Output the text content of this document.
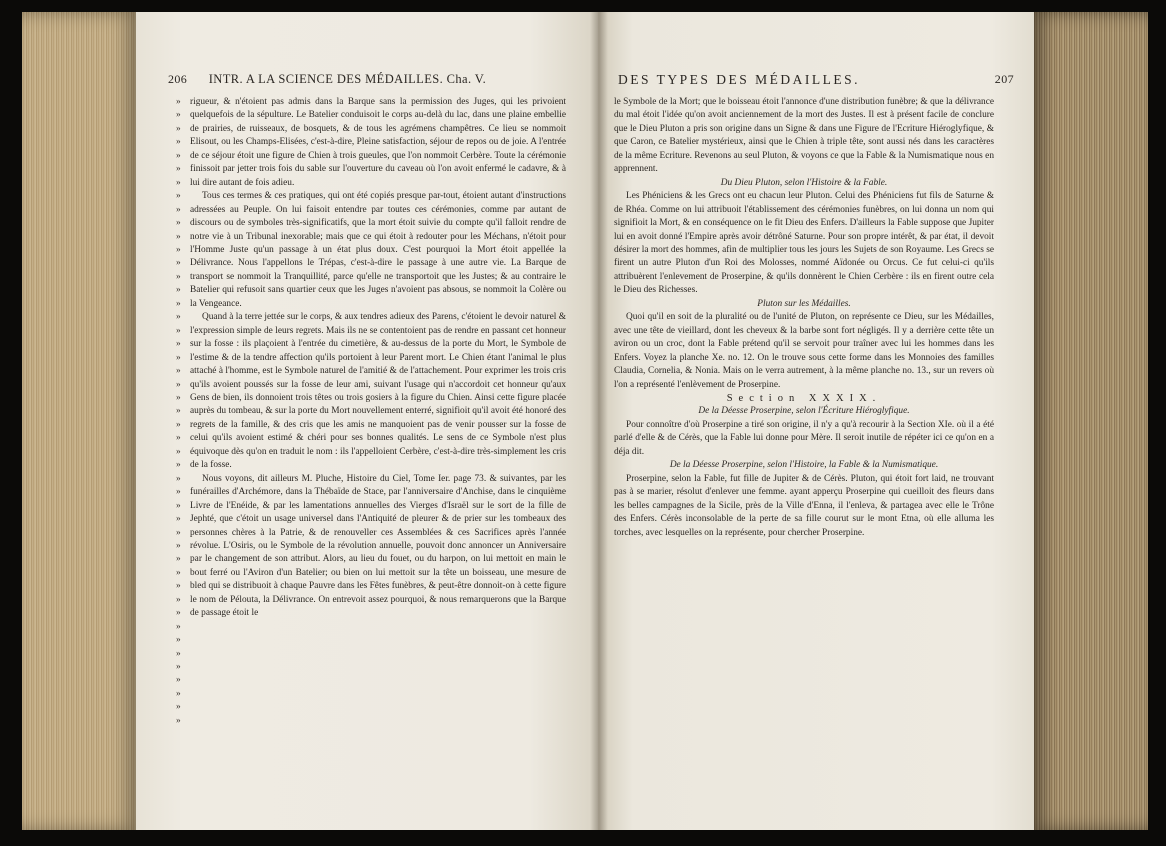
206 INTR. A LA SCIENCE DES MÉDAILLES. Cha. V.
»
»
»
»
»
»
»
»
»
»
»
»
»
»
»
»
»
»
»
»
»
»
»
»
»
»
»
»
»
»
»
»
»
»
»
»
»
»
»
»
»
»
»
»
»
»
»

rigueur, & n'étoient pas admis dans la Barque sans la permission des Juges, qui les privoient quelquefois de la sépulture. Le Batelier conduisoit le corps au-delà du lac, dans une plaine embellie de prairies, de ruisseaux, de bosquets, & de tous les agrémens champêtres. Ce lieu se nommoit Elisout, ou les Champs-Elisées, c'est-à-dire, Pleine satisfaction, séjour de repos ou de joie. A l'entrée de ce séjour étoit une figure de Chien à trois gueules, que l'on nommoit Cerbère. Toute la cérémonie finissoit par jetter trois fois du sable sur l'ouverture du caveau où l'on avoit enfermé le cadavre, & à lui dire autant de fois adieu.

Tous ces termes & ces pratiques, qui ont été copiés presque par-tout, étoient autant d'instructions adressées au Peuple. On lui faisoit entendre par toutes ces cérémonies, comme par autant de discours ou de symboles très-significatifs, que la mort étoit suivie du compte qu'il falloit rendre de notre vie à un Tribunal inexorable; mais que ce qui étoit à redouter pour les Méchans, n'étoit pour l'Homme Juste qu'un passage à un état plus doux. C'est pourquoi la Mort étoit appellée la Délivrance. Nous l'appellons le Trépas, c'est-à-dire le passage à une autre vie. La Barque de transport se nommoit la Tranquillité, parce qu'elle ne transportoit que les Justes; & au contraire le Batelier qui refusoit sans quartier ceux que les Juges n'avoient pas absous, se nommoit la Colère ou la Vengeance.

Quand à la terre jettée sur le corps, & aux tendres adieux des Parens, c'étoient le devoir naturel & l'expression simple de leurs regrets. Mais ils ne se contentoient pas de rendre en passant cet honneur sur la fosse : ils plaçoient à l'entrée du cimetière, & au-dessus de la porte du Mort, le Symbole de l'estime & de la tendre affection qu'ils portoient à leur Parent mort. Le Chien étant l'animal le plus attaché à l'homme, est le Symbole naturel de l'amitié & de l'attachement. Pour exprimer les trois cris qu'ils avoient poussés sur la fosse de leur ami, suivant l'usage qui n'accordoit cet honneur qu'aux Gens de bien, ils donnoient trois têtes ou trois gosiers à la figure du Chien. Ainsi cette figure placée auprès du tombeau, & sur la porte du Mort nouvellement enterré, signifioit qu'il avoit été honoré des regrets de la famille, & des cris que les amis ne manquoient pas de venir pousser sur la fosse de celui qu'ils avoient estimé & chéri pour ses bonnes qualités. Le sens de ce Symbole n'est plus équivoque dès qu'on en traduit le nom : ils l'appelloient Cerbère, c'est-à-dire très-simplement les cris de la fosse.

Nous voyons, dit ailleurs M. Pluche, Histoire du Ciel, Tome Ier. page 73. & suivantes, par les funérailles d'Archémore, dans la Thébaïde de Stace, par l'anniversaire d'Anchise, dans le cinquième Livre de l'Enéide, & par les lamentations annuelles des Vierges d'Israël sur le sort de la fille de Jephté, que c'étoit un usage universel dans l'Antiquité de pleurer & de prier sur les tombeaux des personnes chères à la Patrie, & de renouveller ces Assemblées & ces Sacrifices après l'année révolue. L'Osiris, ou le Symbole de la révolution annuelle, pouvoit donc annoncer un Anniversaire par le changement de son attribut. Alors, au lieu du fouet, ou du harpon, on lui mettoit en main le bout ferré ou l'Aviron d'un Batelier; ou bien on lui mettoit sur la tête un boisseau, une mesure de bled qui se distribuoit à chaque Pauvre dans les Fêtes funèbres, & peut-être donnoit-on à cette figure le nom de Pélouta, la Délivrance. On entrevoit assez pourquoi, & nous remarquerons que la Barque de passage étoit le

DES TYPES DES MÉDAILLES.	207

le Symbole de la Mort; que le boisseau étoit l'annonce d'une distribution funèbre; & que la délivrance du mal étoit l'idée qu'on avoit anciennement de la mort des Justes. Il est à présent facile de conclure que le Dieu Pluton a pris son origine dans un Signe & dans une Figure de l'Ecriture Hiéroglyfique, & que Caron, ce Batelier mystérieux, ainsi que le Chien à triple tête, sont aussi nés dans les caractères de la même Ecriture. Revenons au seul Pluton, & voyons ce que la Fable & la Numismatique nous en apprennent.

Du Dieu Pluton, selon l'Histoire & la Fable.

Les Phéniciens & les Grecs ont eu chacun leur Pluton. Celui des Phéniciens fut fils de Saturne & de Rhéa. Comme on lui attribuoit l'établissement des cérémonies funèbres, on lui donna un nom qui signifioit la Mort, & en conséquence on le fit Dieu des Enfers. D'ailleurs la Fable suppose que Jupiter lui en avoit donné l'Empire après avoir détrôné Saturne. Pour son propre intérêt, & par état, il devoit désirer la mort des hommes, afin de multiplier tous les jours les Sujets de son Royaume. Les Grecs se firent un autre Pluton d'un Roi des Molosses, nommé Aïdonée ou Orcus. Ce fut celui-ci qu'ils attribuèrent l'enlevement de Proserpine, & qu'ils donnèrent le Chien Cerbère : ils en firent outre cela le Dieu des Richesses.

Pluton sur les Médailles.

Quoi qu'il en soit de la pluralité ou de l'unité de Pluton, on représente ce Dieu, sur les Médailles, avec une tête de vieillard, dont les cheveux & la barbe sont fort négligés. Il y a derrière cette tête un aviron ou un croc, dont la Fable prétend qu'il se servoit pour traîner avec lui les hommes dans les Enfers. Voyez la planche Xe. no. 12. On le trouve sous cette forme dans les Monnoies des familles Claudia, Cornelia, & Nonia. Mais on le verra autrement, à la même planche no. 13., sur un revers où l'on a représenté l'enlèvement de Proserpine.

Section XXXIX.

De la Déesse Proserpine, selon l'Écriture Hiéroglyfique.

Pour connoître d'où Proserpine a tiré son origine, il n'y a qu'à recourir à la Section XIe. où il a été parlé d'elle & de Cérès, que la Fable lui donne pour Mère. Il seroit inutile de répéter ici ce qu'on en a déja dit.

De la Déesse Proserpine, selon l'Histoire, la Fable & la Numismatique.

Proserpine, selon la Fable, fut fille de Jupiter & de Cérès. Pluton, qui étoit fort laid, ne trouvant pas à se marier, résolut d'enlever une femme. ayant apperçu Proserpine qui cueilloit des fleurs dans les belles campagnes de la Sicile, près de la Ville d'Enna, il l'enleva, & partagea avec elle le Trône des Enfers. Cérès inconsolable de la perte de sa fille courut sur le mont Etna, où elle alluma les torches, avec lesquelles on la représente, pour chercher Proserpine.
